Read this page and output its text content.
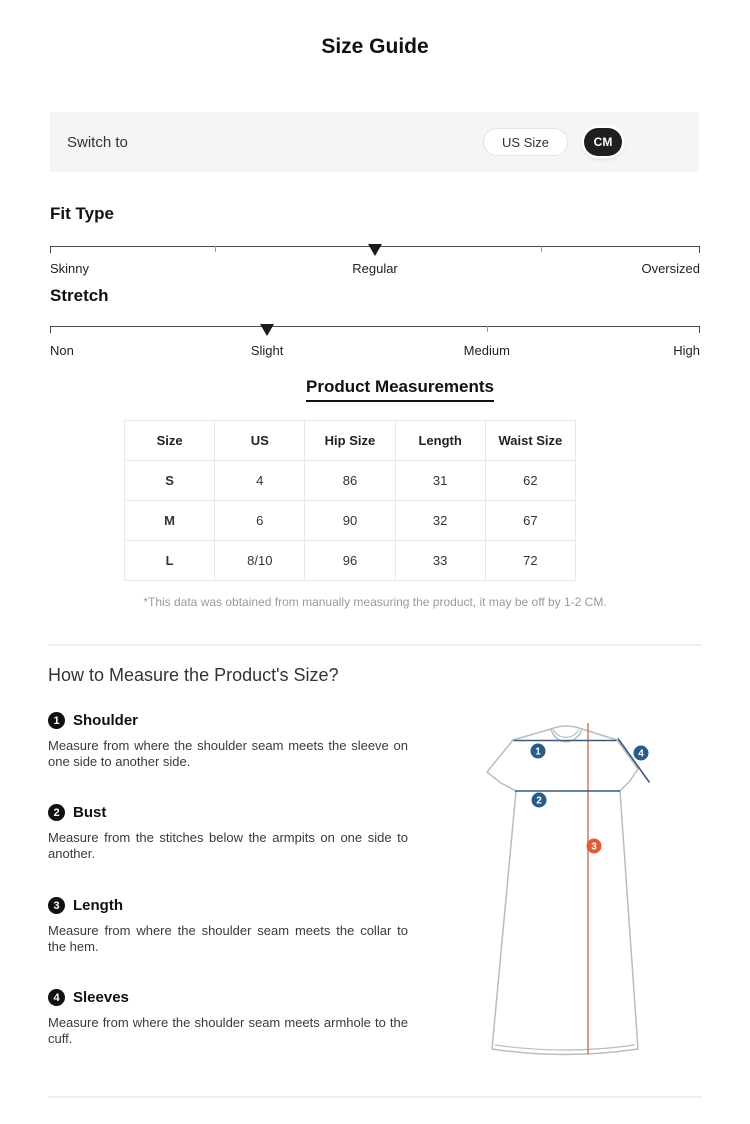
Size Guide
Switch to	US Size	CM
Fit Type
Skinny	Regular	Oversized
Stretch
Non	Slight	Medium	High
Product Measurements
Size	US	Hip Size	Length	Waist Size
S	4	86	31	62
M	6	90	32	67
L	8/10	96	33	72
*This data was obtained from manually measuring the product, it may be off by 1-2 CM.
How to Measure the Product's Size?
1 Shoulder
Measure from where the shoulder seam meets the sleeve on one side to another side.
2 Bust
Measure from the stitches below the armpits on one side to another.
3 Length
Measure from where the shoulder seam meets the collar to the hem.
4 Sleeves
Measure from where the shoulder seam meets armhole to the cuff.
1
2
3
4
